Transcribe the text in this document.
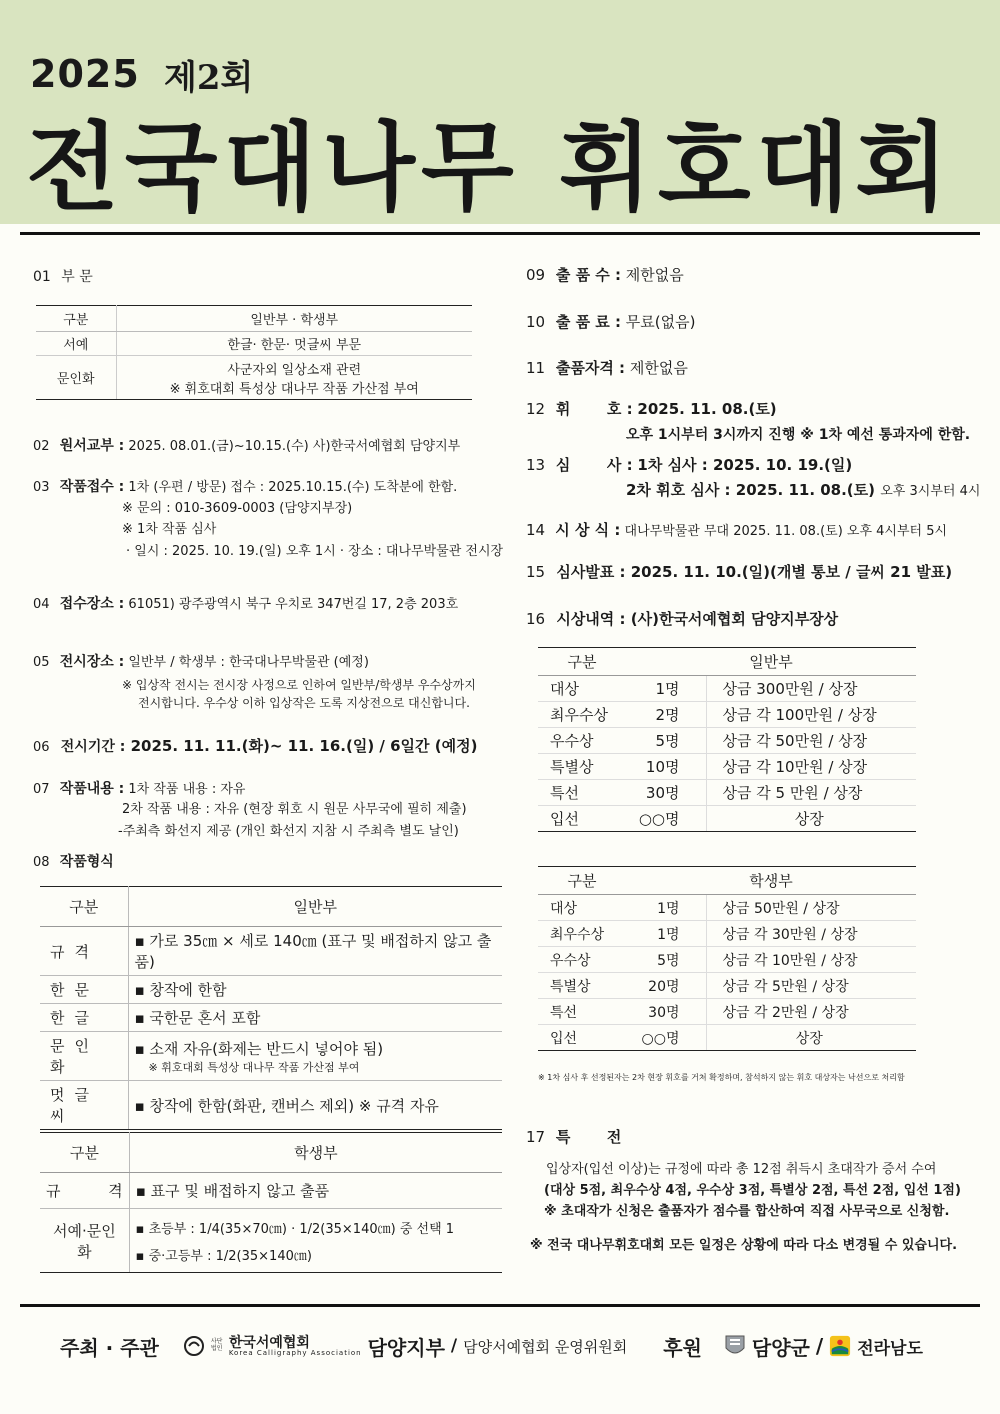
2025 제2회
전국대나무 휘호대회
01 부 문
구분	일반부 · 학생부
서예	한글· 한문· 멋글씨 부문
문인화	사군자외 일상소재 관련
※ 휘호대회 특성상 대나무 작품 가산점 부여
02 원서교부 : 2025. 08.01.(금)~10.15.(수) 사)한국서예협회 담양지부
03 작품접수 : 1차 (우편 / 방문) 접수 : 2025.10.15.(수) 도착분에 한함.
※ 문의 : 010-3609-0003 (담양지부장)
※ 1차 작품 심사
· 일시 : 2025. 10. 19.(일) 오후 1시 · 장소 : 대나무박물관 전시장
04 접수장소 : 61051) 광주광역시 북구 우치로 347번길 17, 2층 203호
05 전시장소 : 일반부 / 학생부 : 한국대나무박물관 (예정)
※ 입상작 전시는 전시장 사정으로 인하여 일반부/학생부 우수상까지
전시합니다. 우수상 이하 입상작은 도록 지상전으로 대신합니다.
06 전시기간 : 2025. 11. 11.(화)~ 11. 16.(일) / 6일간 (예정)
07 작품내용 : 1차 작품 내용 : 자유
2차 작품 내용 : 자유 (현장 휘호 시 원문 사무국에 필히 제출)
-주최측 화선지 제공 (개인 화선지 지참 시 주최측 별도 날인)
08 작품형식
구분	일반부
규격	▪ 가로 35㎝ × 세로 140㎝ (표구 및 배접하지 않고 출품)
한문	▪ 창작에 한함
한글	▪ 국한문 혼서 포함
문인화	▪ 소재 자유(화제는 반드시 넣어야 됨)
※ 휘호대회 특성상 대나무 작품 가산점 부여

멋글씨	▪ 창작에 한함(화판, 캔버스 제외) ※ 규격 자유
구분	학생부
규          격	▪ 표구 및 배접하지 않고 출품
서예·문인화	▪ 초등부 : 1/4(35×70㎝) · 1/2(35×140㎝) 중 선택 1
▪ 중·고등부 : 1/2(35×140㎝)
09 출 품 수 : 제한없음
10 출 품 료 : 무료(없음)
11 출품자격 : 제한없음
12 휘       호 : 2025. 11. 08.(토)
오후 1시부터 3시까지 진행 ※ 1차 예선 통과자에 한함.
13 심       사 : 1차 심사 : 2025. 10. 19.(일)
2차 휘호 심사 : 2025. 11. 08.(토) 오후 3시부터 4시
14 시 상 식 : 대나무박물관 무대 2025. 11. 08.(토) 오후 4시부터 5시
15 심사발표 : 2025. 11. 10.(일)(개별 통보 / 글씨 21 발표)
16 시상내역 : (사)한국서예협회 담양지부장상
구분	일반부	
대상	1명	상금 300만원 / 상장
최우수상	2명	상금 각 100만원 / 상장
우수상	5명	상금 각 50만원 / 상장
특별상	10명	상금 각 10만원 / 상장
특선	30명	상금 각 5 만원 / 상장
입선	○○명	상장
구분	학생부	
대상	1명	상금 50만원 / 상장
최우수상	1명	상금 각 30만원 / 상장
우수상	5명	상금 각 10만원 / 상장
특별상	20명	상금 각 5만원 / 상장
특선	30명	상금 각 2만원 / 상장
입선	○○명	상장
※ 1차 심사 후 선정된자는 2차 현장 휘호를 거쳐 확정하며, 참석하지 않는 휘호 대상자는 낙선으로 처리함
17 특       전
입상자(입선 이상)는 규정에 따라 총 12점 취득시 초대작가 증서 수여
(대상 5점, 최우수상 4점, 우수상 3점, 특별상 2점, 특선 2점, 입선 1점)
※ 초대작가 신청은 출품자가 점수를 합산하여 직접 사무국으로 신청함.
※ 전국 대나무휘호대회 모든 일정은 상황에 따라 다소 변경될 수 있습니다.
주최 · 주관	사단법인 한국서예협회
Korea Calligraphy Association 담양지부 / 담양서예협회 운영위원회 후원	담양군 / 전라남도
